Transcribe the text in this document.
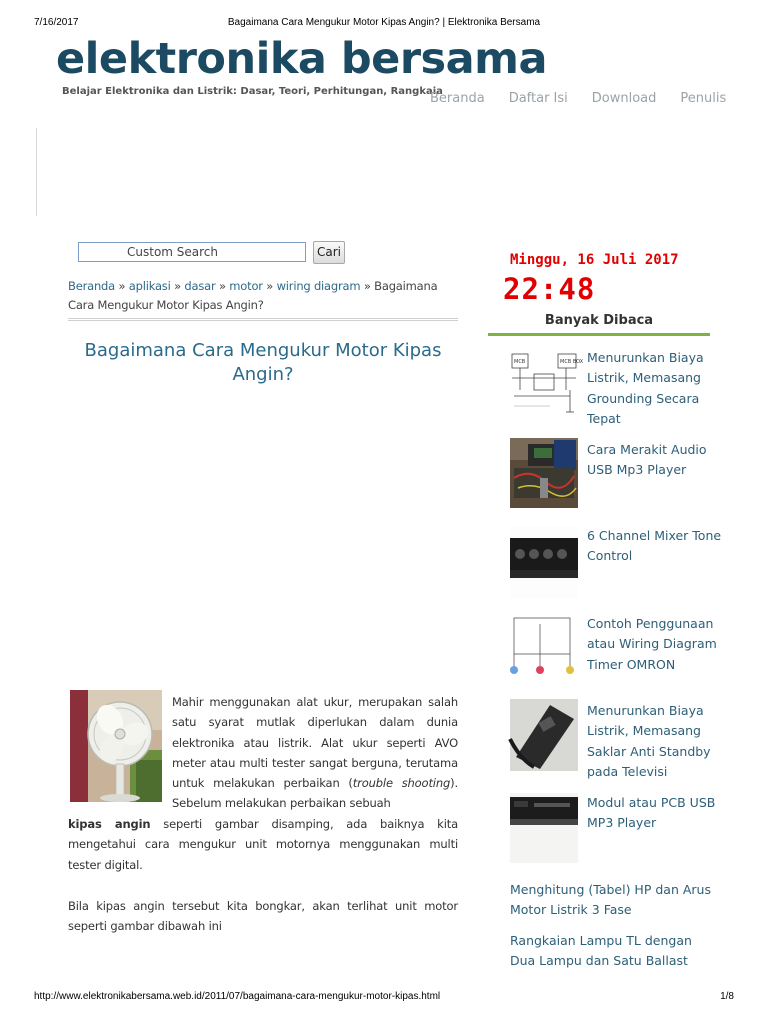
7/16/2017	Bagaimana Cara Mengukur Motor Kipas Angin? | Elektronika Bersama
elektronika bersama
Belajar Elektronika dan Listrik: Dasar, Teori, Perhitungan, Rangkaia
Beranda Daftar Isi Download Penulis
Custom Search	Cari
Beranda » aplikasi » dasar » motor » wiring diagram » Bagaimana Cara Mengukur Motor Kipas Angin?
Bagaimana Cara Mengukur Motor Kipas Angin?
Mahir menggunakan alat ukur, merupakan salah satu syarat mutlak diperlukan dalam dunia elektronika atau listrik. Alat ukur seperti AVO meter atau multi tester sangat berguna, terutama untuk melakukan perbaikan (trouble shooting). Sebelum melakukan perbaikan sebuah
kipas angin seperti gambar disamping, ada baiknya kita mengetahui cara mengukur unit motornya menggunakan multi tester digital.
Bila kipas angin tersebut kita bongkar, akan terlihat unit motor seperti gambar dibawah ini
Minggu, 16 Juli 2017
22:48
Banyak Dibaca
MCB	MCB BOX Menurunkan Biaya Listrik, Memasang Grounding Secara Tepat
Cara Merakit Audio USB Mp3 Player
6 Channel Mixer Tone Control
Contoh Penggunaan atau Wiring Diagram Timer OMRON
Menurunkan Biaya Listrik, Memasang Saklar Anti Standby pada Televisi
Modul atau PCB USB MP3 Player
Menghitung (Tabel) HP dan Arus Motor Listrik 3 Fase
Rangkaian Lampu TL dengan Dua Lampu dan Satu Ballast
http://www.elektronikabersama.web.id/2011/07/bagaimana-cara-mengukur-motor-kipas.html	1/8
